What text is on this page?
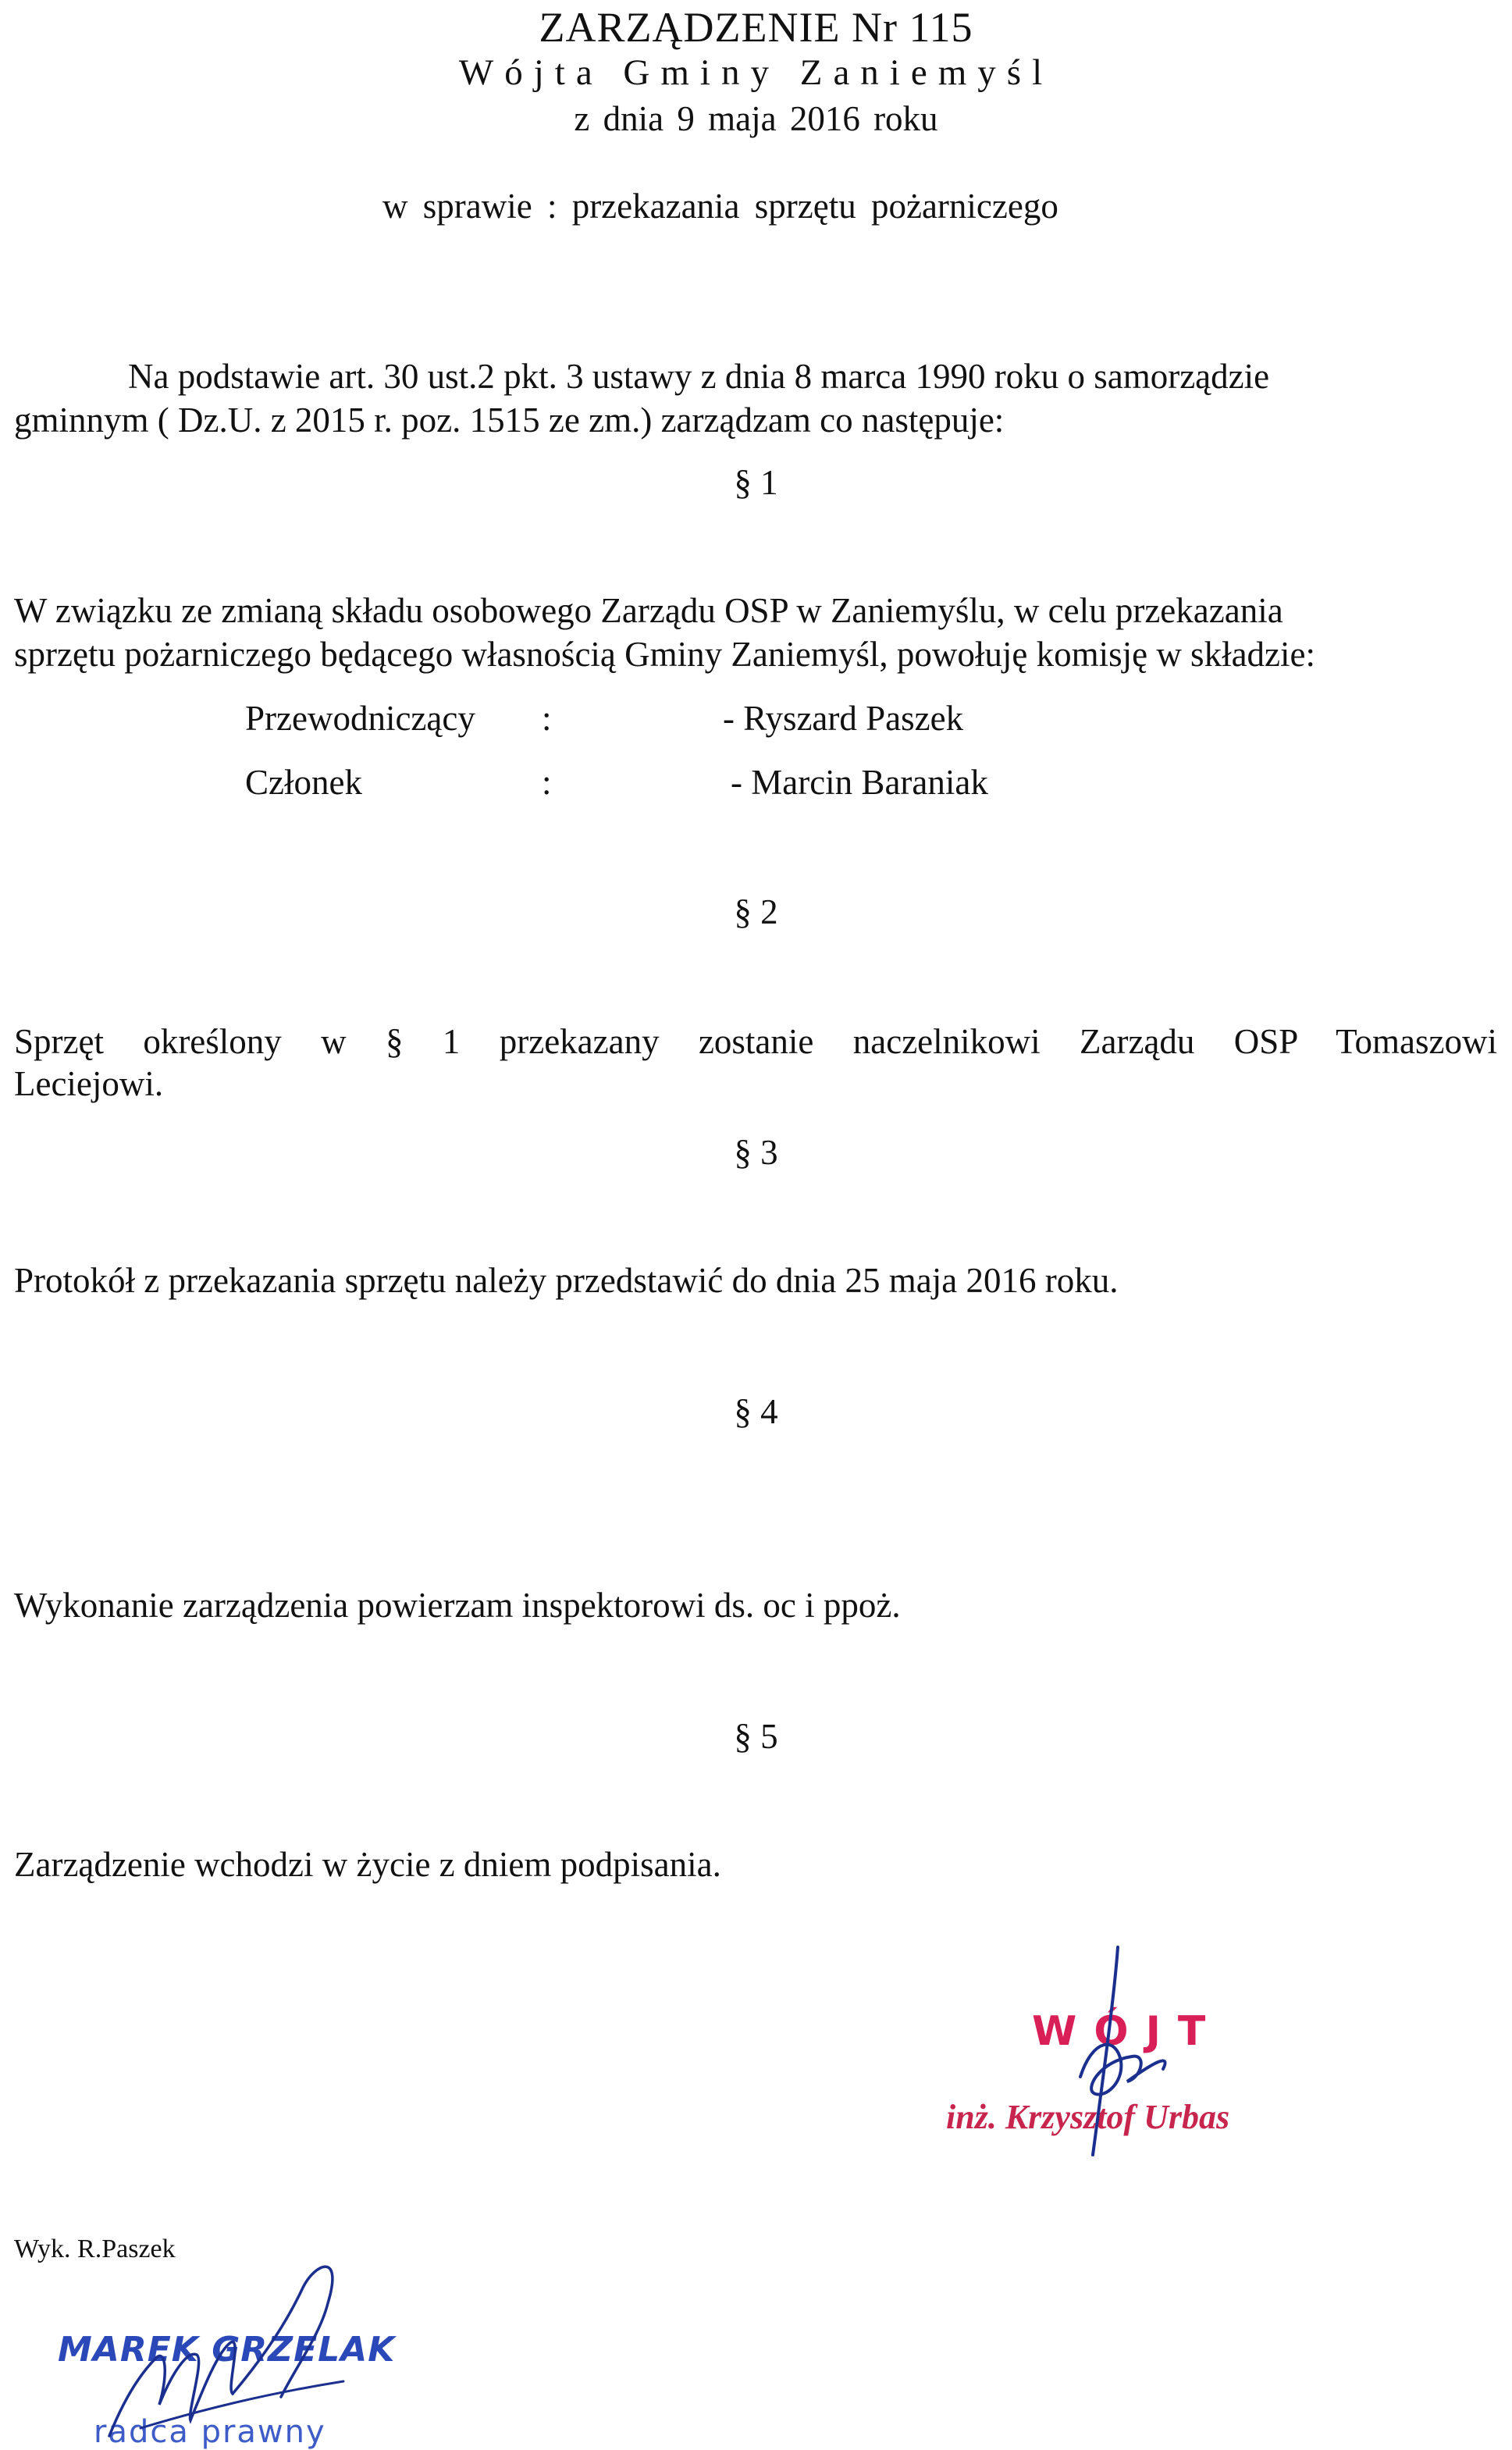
ZARZĄDZENIE Nr 115
Wójta Gminy Zaniemyśl
z dnia 9 maja 2016 roku
w sprawie : przekazania sprzętu pożarniczego
Na podstawie art. 30 ust.2 pkt. 3 ustawy z dnia 8 marca 1990 roku o samorządzie
gminnym ( Dz.U. z 2015 r. poz. 1515 ze zm.) zarządzam co następuje:
§ 1
W związku ze zmianą składu osobowego Zarządu OSP w Zaniemyślu, w celu przekazania
sprzętu pożarniczego będącego własnością Gminy Zaniemyśl, powołuję komisję w składzie:
Przewodniczący :	- Ryszard Paszek
Członek	:	- Marcin Baraniak
§ 2
Sprzęt określony w § 1 przekazany zostanie naczelnikowi Zarządu OSP Tomaszowi
Leciejowi.
§ 3
Protokół z przekazania sprzętu należy przedstawić do dnia 25 maja 2016 roku.
§ 4
Wykonanie zarządzenia powierzam inspektorowi ds. oc i ppoż.
§ 5
Zarządzenie wchodzi w życie z dniem podpisania.
WÓJT
inż. Krzysztof Urbas
Wyk. R.Paszek
MAREK GRZELAK
radca prawny
